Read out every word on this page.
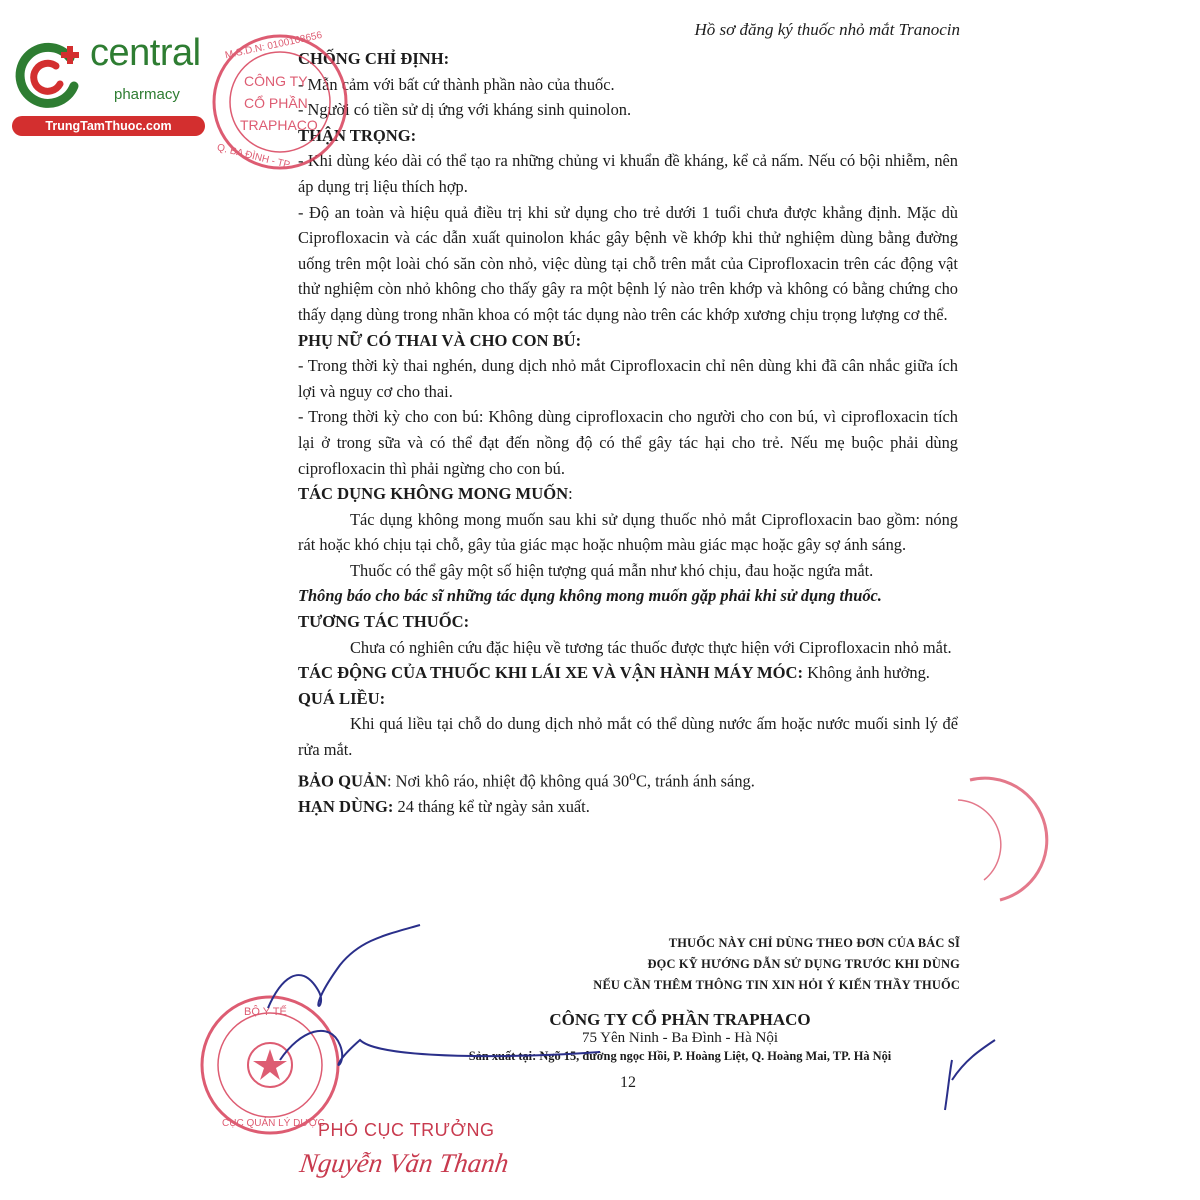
central
pharmacy
TrungTamThuoc.com
Hồ sơ đăng ký thuốc nhỏ mắt Tranocin

CHỐNG CHỈ ĐỊNH:

- Mẫn cảm với bất cứ thành phần nào của thuốc.

- Người có tiền sử dị ứng với kháng sinh quinolon.

THẬN TRỌNG:

- Khi dùng kéo dài có thể tạo ra những chủng vi khuẩn đề kháng, kể cả nấm. Nếu có bội nhiễm, nên áp dụng trị liệu thích hợp.

- Độ an toàn và hiệu quả điều trị khi sử dụng cho trẻ dưới 1 tuổi chưa được khẳng định. Mặc dù Ciprofloxacin và các dẫn xuất quinolon khác gây bệnh về khớp khi thử nghiệm dùng bằng đường uống trên một loài chó săn còn nhỏ, việc dùng tại chỗ trên mắt của Ciprofloxacin trên các động vật thử nghiệm còn nhỏ không cho thấy gây ra một bệnh lý nào trên khớp và không có bằng chứng cho thấy dạng dùng trong nhãn khoa có một tác dụng nào trên các khớp xương chịu trọng lượng cơ thể.

PHỤ NỮ CÓ THAI VÀ CHO CON BÚ:

- Trong thời kỳ thai nghén, dung dịch nhỏ mắt Ciprofloxacin chỉ nên dùng khi đã cân nhắc giữa ích lợi và nguy cơ cho thai.

- Trong thời kỳ cho con bú: Không dùng ciprofloxacin cho người cho con bú, vì ciprofloxacin tích lại ở trong sữa và có thể đạt đến nồng độ có thể gây tác hại cho trẻ. Nếu mẹ buộc phải dùng ciprofloxacin thì phải ngừng cho con bú.

TÁC DỤNG KHÔNG MONG MUỐN:

Tác dụng không mong muốn sau khi sử dụng thuốc nhỏ mắt Ciprofloxacin bao gồm: nóng rát hoặc khó chịu tại chỗ, gây tủa giác mạc hoặc nhuộm màu giác mạc hoặc gây sợ ánh sáng.

Thuốc có thể gây một số hiện tượng quá mẫn như khó chịu, đau hoặc ngứa mắt.

Thông báo cho bác sĩ những tác dụng không mong muốn gặp phải khi sử dụng thuốc.

TƯƠNG TÁC THUỐC:

Chưa có nghiên cứu đặc hiệu về tương tác thuốc được thực hiện với Ciprofloxacin nhỏ mắt.

TÁC ĐỘNG CỦA THUỐC KHI LÁI XE VÀ VẬN HÀNH MÁY MÓC: Không ảnh hưởng.

QUÁ LIỀU:

Khi quá liều tại chỗ do dung dịch nhỏ mắt có thể dùng nước ấm hoặc nước muối sinh lý để rửa mắt.

BẢO QUẢN: Nơi khô ráo, nhiệt độ không quá 30$^o$C, tránh ánh sáng.

HẠN DÙNG: 24 tháng kể từ ngày sản xuất.

THUỐC NÀY CHỈ DÙNG THEO ĐƠN CỦA BÁC SĨ
ĐỌC KỸ HƯỚNG DẪN SỬ DỤNG TRƯỚC KHI DÙNG
NẾU CẦN THÊM THÔNG TIN XIN HỎI Ý KIẾN THẦY THUỐC
CÔNG TY CỔ PHẦN TRAPHACO
75 Yên Ninh - Ba Đình - Hà Nội
Sản xuất tại: Ngõ 15, đường ngọc Hồi, P. Hoàng Liệt, Q. Hoàng Mai, TP. Hà Nội
12
CÔNG TY
CỔ PHẦN
TRAPHACO
M.S.D.N: 0100108656
Q. BA ĐÌNH - TP
BỘ Y TẾ
CỤC QUẢN LÝ DƯỢC
PHÓ CỤC TRƯỞNG
Nguyễn Văn Thanh
